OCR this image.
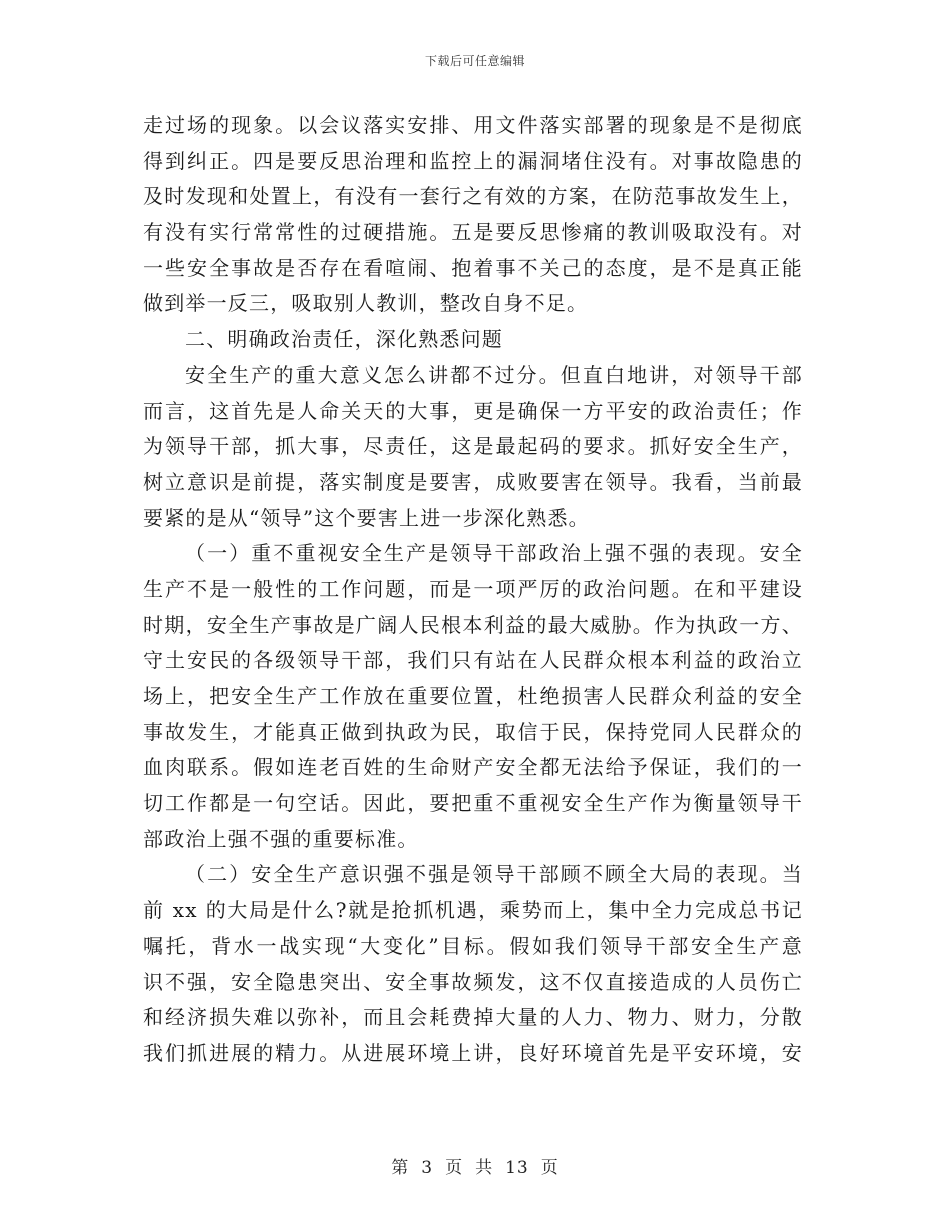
下载后可任意编辑
走过场的现象。以会议落实安排、用文件落实部署的现象是不是彻底
得到纠正。四是要反思治理和监控上的漏洞堵住没有。对事故隐患的
及时发现和处置上，有没有一套行之有效的方案，在防范事故发生上，
有没有实行常常性的过硬措施。五是要反思惨痛的教训吸取没有。对
一些安全事故是否存在看喧闹、抱着事不关己的态度，是不是真正能
做到举一反三，吸取别人教训，整改自身不足。
二、明确政治责任，深化熟悉问题
安全生产的重大意义怎么讲都不过分。但直白地讲，对领导干部
而言，这首先是人命关天的大事，更是确保一方平安的政治责任；作
为领导干部，抓大事，尽责任，这是最起码的要求。抓好安全生产，
树立意识是前提，落实制度是要害，成败要害在领导。我看，当前最
要紧的是从“领导”这个要害上进一步深化熟悉。
（一）重不重视安全生产是领导干部政治上强不强的表现。安全
生产不是一般性的工作问题，而是一项严厉的政治问题。在和平建设
时期，安全生产事故是广阔人民根本利益的最大威胁。作为执政一方、
守土安民的各级领导干部，我们只有站在人民群众根本利益的政治立
场上，把安全生产工作放在重要位置，杜绝损害人民群众利益的安全
事故发生，才能真正做到执政为民，取信于民，保持党同人民群众的
血肉联系。假如连老百姓的生命财产安全都无法给予保证，我们的一
切工作都是一句空话。因此，要把重不重视安全生产作为衡量领导干
部政治上强不强的重要标准。
（二）安全生产意识强不强是领导干部顾不顾全大局的表现。当
前 xx 的大局是什么?就是抢抓机遇，乘势而上，集中全力完成总书记
嘱托，背水一战实现“大变化”目标。假如我们领导干部安全生产意
识不强，安全隐患突出、安全事故频发，这不仅直接造成的人员伤亡
和经济损失难以弥补，而且会耗费掉大量的人力、物力、财力，分散
我们抓进展的精力。从进展环境上讲，良好环境首先是平安环境，安
第 3 页 共 13 页
